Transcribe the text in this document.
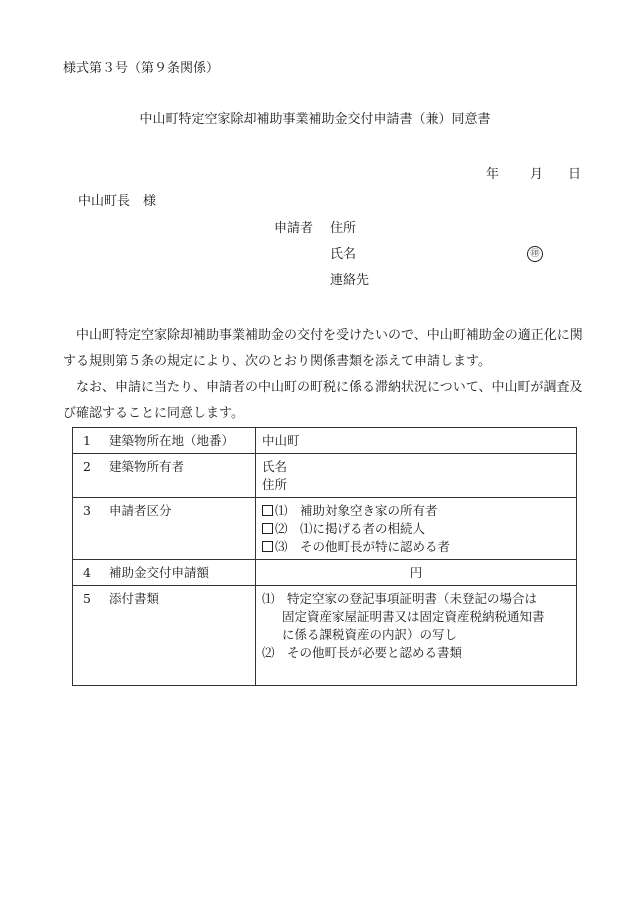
様式第３号（第９条関係）
中山町特定空家除却補助事業補助金交付申請書（兼）同意書
年 月 日
中山町長　様
申請者 住所
氏名	㊞
連絡先
中山町特定空家除却補助事業補助金の交付を受けたいので、中山町補助金の適正化に関する規則第５条の規定により、次のとおり関係書類を添えて申請します。
なお、申請に当たり、申請者の中山町の町税に係る滞納状況について、中山町が調査及び確認することに同意します。
1 建築物所在地（地番）	中山町
2 建築物所有者	氏名
住所

3 申請者区分	⑴　 補助対象空き家の所有者
⑵　 ⑴に掲げる者の相続人
⑶　 その他町長が特に認める者

4 補助金交付申請額	円
5 添付書類	⑴　 特定空家の登記事項証明書（未登記の場合は
固定資産家屋証明書又は固定資産税納税通知書
に係る課税資産の内訳）の写し
⑵　 その他町長が必要と認める書類
